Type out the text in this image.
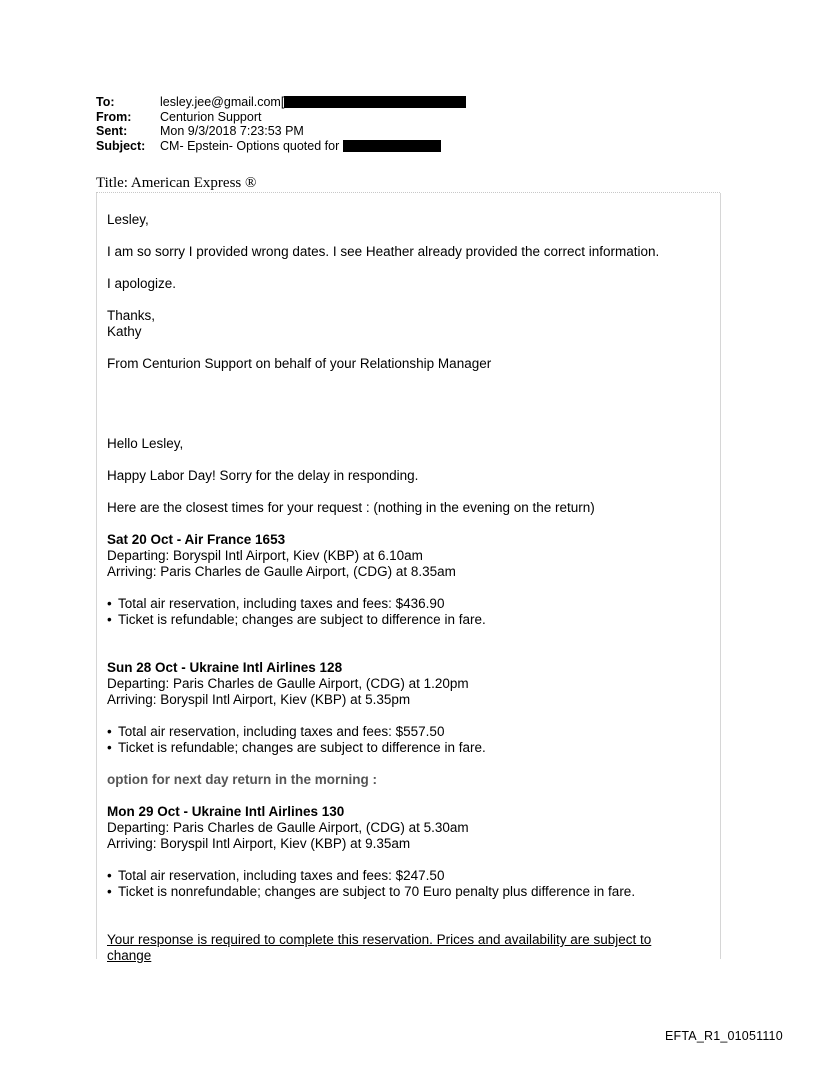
To:	lesley.jee@gmail.com[
From:	Centurion Support
Sent:	Mon 9/3/2018 7:23:53 PM
Subject:	CM- Epstein- Options quoted for
Title: American Express ®

Lesley,

I am so sorry I provided wrong dates. I see Heather already provided the correct information.

I apologize.

Thanks,

Kathy

From Centurion Support on behalf of your Relationship Manager

Hello Lesley,

Happy Labor Day! Sorry for the delay in responding.

Here are the closest times for your request : (nothing in the evening on the return)

Sat 20 Oct - Air France 1653

Departing: Boryspil Intl Airport, Kiev (KBP) at 6.10am

Arriving: Paris Charles de Gaulle Airport, (CDG) at 8.35am

• Total air reservation, including taxes and fees: $436.90

• Ticket is refundable; changes are subject to difference in fare.

Sun 28 Oct - Ukraine Intl Airlines 128

Departing: Paris Charles de Gaulle Airport, (CDG) at 1.20pm

Arriving: Boryspil Intl Airport, Kiev (KBP) at 5.35pm

• Total air reservation, including taxes and fees: $557.50

• Ticket is refundable; changes are subject to difference in fare.

option for next day return in the morning :

Mon 29 Oct - Ukraine Intl Airlines 130

Departing: Paris Charles de Gaulle Airport, (CDG) at 5.30am

Arriving: Boryspil Intl Airport, Kiev (KBP) at 9.35am

• Total air reservation, including taxes and fees: $247.50

• Ticket is nonrefundable; changes are subject to 70 Euro penalty plus difference in fare.

Your response is required to complete this reservation. Prices and availability are subject to

change

EFTA_R1_01051110
